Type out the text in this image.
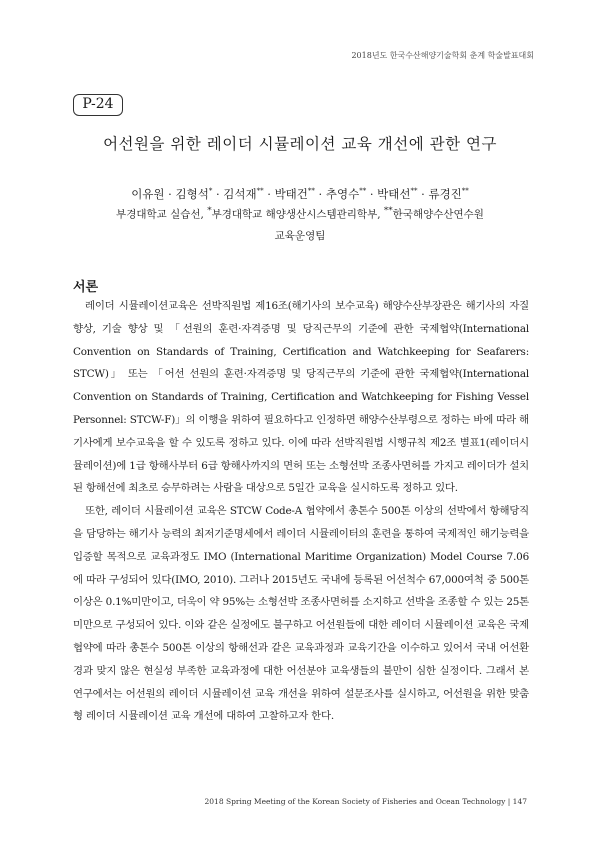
2018년도 한국수산해양기술학회 춘계 학술발표대회
P-24
어선원을 위한 레이더 시뮬레이션 교육 개선에 관한 연구
이유원 · 김형석* · 김석재** · 박태건** · 추영수** · 박태선** · 류경진**
부경대학교 실습선, *부경대학교 해양생산시스템관리학부, **한국해양수산연수원
교육운영팀
서론

레이더 시뮬레이션교육은 선박직원법 제16조(해기사의 보수교육) 해양수산부장관은 해기사의 자질 향상, 기술 향상 및 「선원의 훈련·자격증명 및 당직근무의 기준에 관한 국제협약(International Convention on Standards of Training, Certification and Watchkeeping for Seafarers: STCW)」 또는 「어선 선원의 훈련·자격증명 및 당직근무의 기준에 관한 국제협약(International Convention on Standards of Training, Certification and Watchkeeping for Fishing Vessel Personnel: STCW-F)」의 이행을 위하여 필요하다고 인정하면 해양수산부령으로 정하는 바에 따라 해기사에게 보수교육을 할 수 있도록 정하고 있다. 이에 따라 선박직원법 시행규칙 제2조 별표1(레이더시뮬레이션)에 1급 항해사부터 6급 항해사까지의 면허 또는 소형선박 조종사면허를 가지고 레이더가 설치된 항해선에 최초로 승무하려는 사람을 대상으로 5일간 교육을 실시하도록 정하고 있다.

또한, 레이더 시뮬레이션 교육은 STCW Code-A 협약에서 총톤수 500톤 이상의 선박에서 항해당직을 담당하는 해기사 능력의 최저기준명세에서 레이더 시뮬레이터의 훈련을 통하여 국제적인 해기능력을 입증할 목적으로 교육과정도 IMO (International Maritime Organization) Model Course 7.06에 따라 구성되어 있다(IMO, 2010). 그러나 2015년도 국내에 등록된 어선척수 67,000여척 중 500톤 이상은 0.1%미만이고, 더욱이 약 95%는 소형선박 조종사면허를 소지하고 선박을 조종할 수 있는 25톤 미만으로 구성되어 있다. 이와 같은 실정에도 불구하고 어선원들에 대한 레이더 시뮬레이션 교육은 국제협약에 따라 총톤수 500톤 이상의 항해선과 같은 교육과정과 교육기간을 이수하고 있어서 국내 어선환경과 맞지 않은 현실성 부족한 교육과정에 대한 어선분야 교육생들의 불만이 심한 실정이다. 그래서 본 연구에서는 어선원의 레이더 시뮬레이션 교육 개선을 위하여 설문조사를 실시하고, 어선원을 위한 맞춤형 레이더 시뮬레이션 교육 개선에 대하여 고찰하고자 한다.

2018 Spring Meeting of the Korean Society of Fisheries and Ocean Technology | 147
